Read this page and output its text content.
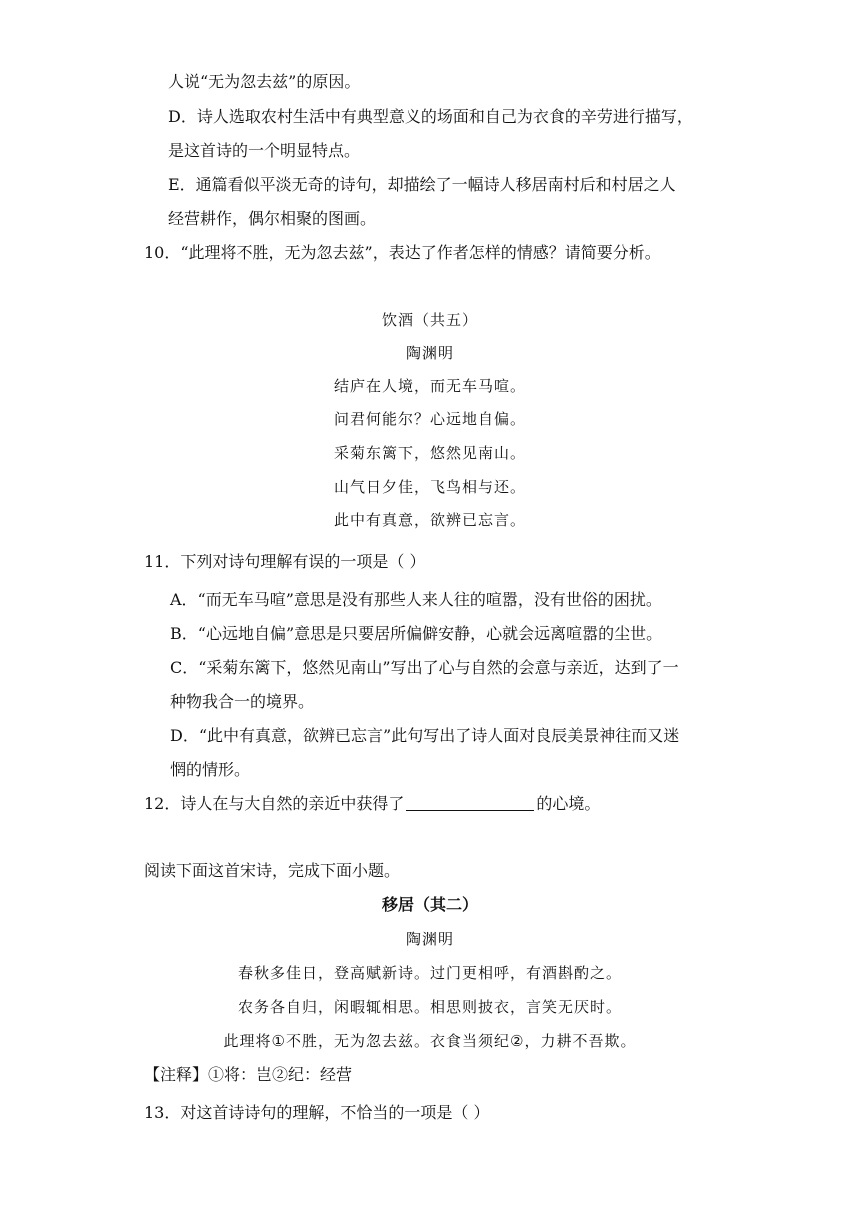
人说“无为忽去兹”的原因。
D．诗人选取农村生活中有典型意义的场面和自己为衣食的辛劳进行描写，
是这首诗的一个明显特点。
E．通篇看似平淡无奇的诗句，却描绘了一幅诗人移居南村后和村居之人
经营耕作，偶尔相聚的图画。
10．“此理将不胜，无为忽去兹”，表达了作者怎样的情感？请简要分析。
饮酒（共五）
陶渊明
结庐在人境，而无车马喧。
问君何能尔？心远地自偏。
采菊东篱下，悠然见南山。
山气日夕佳，飞鸟相与还。
此中有真意，欲辨已忘言。
11．下列对诗句理解有误的一项是（ ）
A．“而无车马喧”意思是没有那些人来人往的喧嚣，没有世俗的困扰。
B．“心远地自偏”意思是只要居所偏僻安静，心就会远离喧嚣的尘世。
C．“采菊东篱下，悠然见南山”写出了心与自然的会意与亲近，达到了一
种物我合一的境界。
D．“此中有真意，欲辨已忘言”此句写出了诗人面对良辰美景神往而又迷
惘的情形。
12．诗人在与大自然的亲近中获得了	的心境。
阅读下面这首宋诗，完成下面小题。
移居（其二）
陶渊明
春秋多佳日，登高赋新诗。过门更相呼，有酒斟酌之。
农务各自归，闲暇辄相思。相思则披衣，言笑无厌时。
此理将①不胜，无为忽去兹。衣食当须纪②，力耕不吾欺。
【注释】①将：岂②纪：经营
13．对这首诗诗句的理解，不恰当的一项是（ ）
